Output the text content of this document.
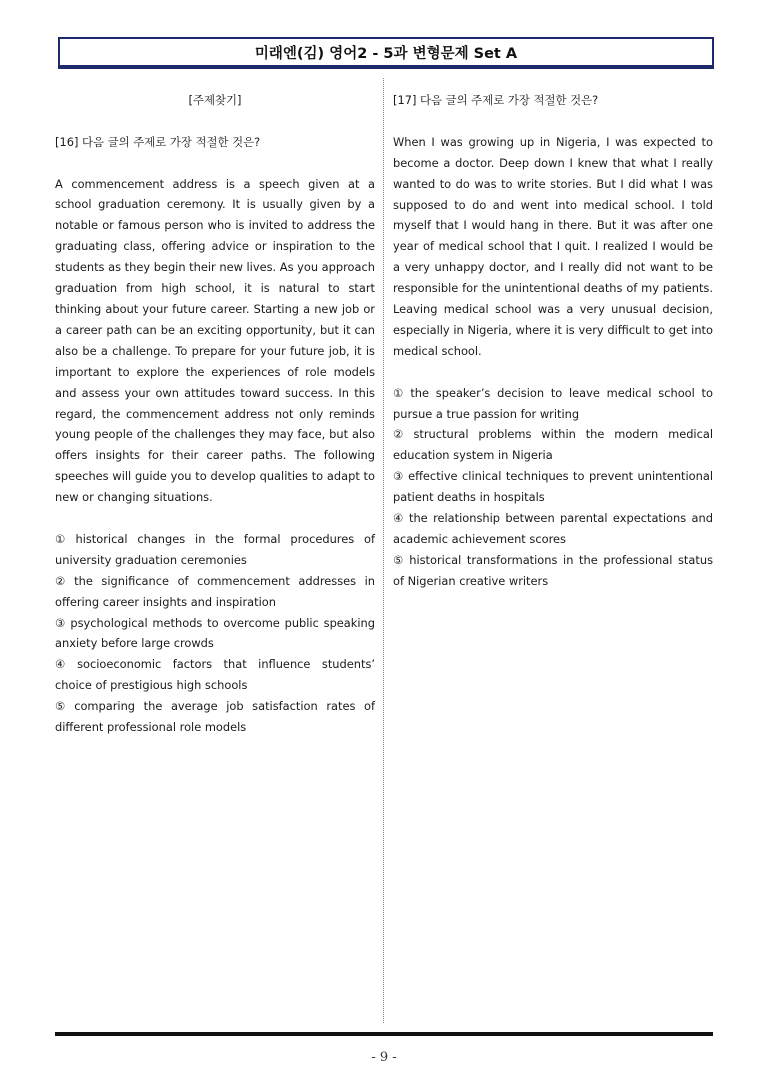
미래엔(김) 영어2 - 5과 변형문제 Set A
[주제찾기]
[16] 다음 글의 주제로 가장 적절한 것은?

A commencement address is a speech given at a school graduation ceremony. It is usually given by a notable or famous person who is invited to address the graduating class, offering advice or inspiration to the students as they begin their new lives. As you approach graduation from high school, it is natural to start thinking about your future career. Starting a new job or a career path can be an exciting opportunity, but it can also be a challenge. To prepare for your future job, it is important to explore the experiences of role models and assess your own attitudes toward success. In this regard, the commencement address not only reminds young people of the challenges they may face, but also offers insights for their career paths. The following speeches will guide you to develop qualities to adapt to new or changing situations.

① historical changes in the formal procedures of university graduation ceremonies
② the significance of commencement addresses in offering career insights and inspiration
③ psychological methods to overcome public speaking anxiety before large crowds
④ socioeconomic factors that influence students’ choice of prestigious high schools
⑤ comparing the average job satisfaction rates of different professional role models
[17] 다음 글의 주제로 가장 적절한 것은?

When I was growing up in Nigeria, I was expected to become a doctor. Deep down I knew that what I really wanted to do was to write stories. But I did what I was supposed to do and went into medical school. I told myself that I would hang in there. But it was after one year of medical school that I quit. I realized I would be a very unhappy doctor, and I really did not want to be responsible for the unintentional deaths of my patients. Leaving medical school was a very unusual decision, especially in Nigeria, where it is very difficult to get into medical school.

① the speaker’s decision to leave medical school to pursue a true passion for writing
② structural problems within the modern medical education system in Nigeria
③ effective clinical techniques to prevent unintentional patient deaths in hospitals
④ the relationship between parental expectations and academic achievement scores
⑤ historical transformations in the professional status of Nigerian creative writers
- 9 -
